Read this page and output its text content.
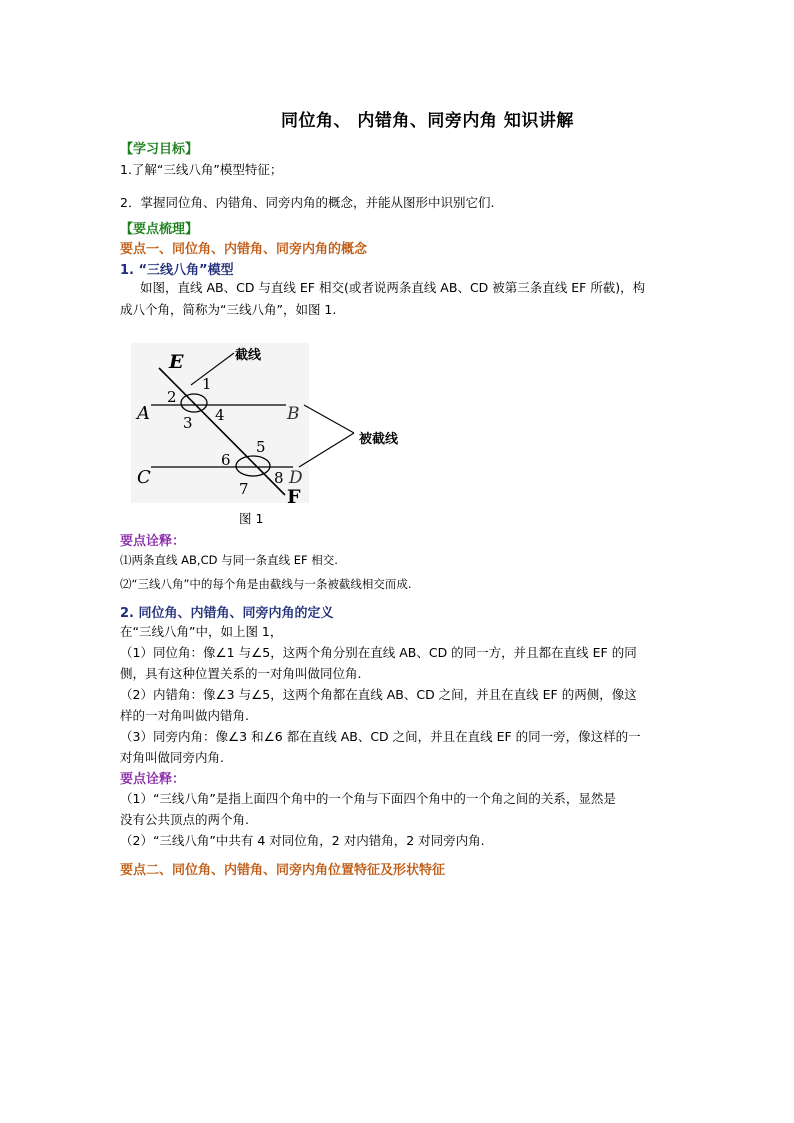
同位角、 内错角、同旁内角 知识讲解
【学习目标】
1.了解“三线八角”模型特征；
2．掌握同位角、内错角、同旁内角的概念，并能从图形中识别它们.
【要点梳理】
要点一、同位角、内错角、同旁内角的概念
1. “三线八角”模型
如图，直线 AB、CD 与直线 EF 相交(或者说两条直线 AB、CD 被第三条直线 EF 所截)，构
成八个角，简称为“三线八角”，如图 1.
E
F
A	B
C	D
1
2
3 4
5
6
7
8
截线
被截线
图 1
要点诠释：
⑴两条直线 AB,CD 与同一条直线 EF 相交.
⑵“三线八角”中的每个角是由截线与一条被截线相交而成.
2. 同位角、内错角、同旁内角的定义
在“三线八角”中，如上图 1，
（1）同位角：像∠1 与∠5，这两个角分别在直线 AB、CD 的同一方，并且都在直线 EF 的同
侧，具有这种位置关系的一对角叫做同位角.
（2）内错角：像∠3 与∠5，这两个角都在直线 AB、CD 之间，并且在直线 EF 的两侧，像这
样的一对角叫做内错角.
（3）同旁内角：像∠3 和∠6 都在直线 AB、CD 之间，并且在直线 EF 的同一旁，像这样的一
对角叫做同旁内角.
要点诠释：
（1）“三线八角”是指上面四个角中的一个角与下面四个角中的一个角之间的关系，显然是
没有公共顶点的两个角.
（2）“三线八角”中共有 4 对同位角，2 对内错角，2 对同旁内角.
要点二、同位角、内错角、同旁内角位置特征及形状特征
